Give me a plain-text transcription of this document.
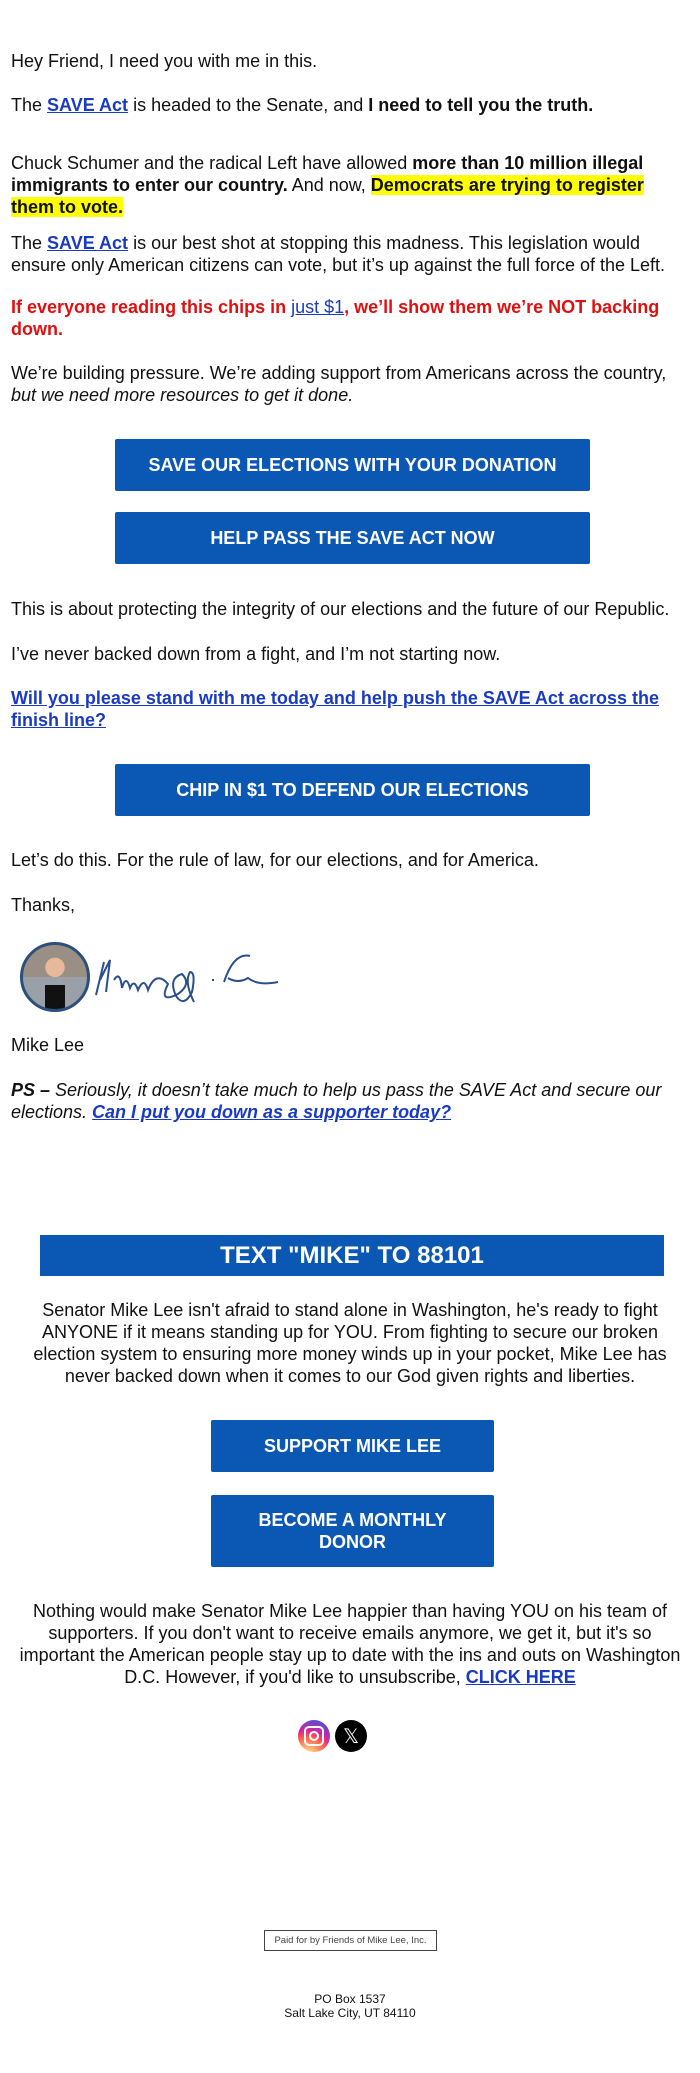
Hey Friend, I need you with me in this.

The SAVE Act is headed to the Senate, and I need to tell you the truth.

Chuck Schumer and the radical Left have allowed more than 10 million illegal immigrants to enter our country. And now, Democrats are trying to register them to vote.

The SAVE Act is our best shot at stopping this madness. This legislation would ensure only American citizens can vote, but it’s up against the full force of the Left.

If everyone reading this chips in just $1, we’ll show them we’re NOT backing down.

We’re building pressure. We’re adding support from Americans across the country, but we need more resources to get it done.

SAVE OUR ELECTIONS WITH YOUR DONATION
HELP PASS THE SAVE ACT NOW

This is about protecting the integrity of our elections and the future of our Republic.

I’ve never backed down from a fight, and I’m not starting now.

Will you please stand with me today and help push the SAVE Act across the finish line?

CHIP IN $1 TO DEFEND OUR ELECTIONS

Let’s do this. For the rule of law, for our elections, and for America.

Thanks,

Mike Lee

PS – Seriously, it doesn’t take much to help us pass the SAVE Act and secure our elections. Can I put you down as a supporter today?

TEXT "MIKE" TO 88101

Senator Mike Lee isn't afraid to stand alone in Washington, he's ready to fight ANYONE if it means standing up for YOU. From fighting to secure our broken election system to ensuring more money winds up in your pocket, Mike Lee has never backed down when it comes to our God given rights and liberties.

SUPPORT MIKE LEE
BECOME A MONTHLY DONOR

Nothing would make Senator Mike Lee happier than having YOU on his team of supporters. If you don't want to receive emails anymore, we get it, but it's so important the American people stay up to date with the ins and outs on Washington D.C. However, if you'd like to unsubscribe, CLICK HERE

𝕏
Paid for by Friends of Mike Lee, Inc.
PO Box 1537
Salt Lake City, UT 84110
